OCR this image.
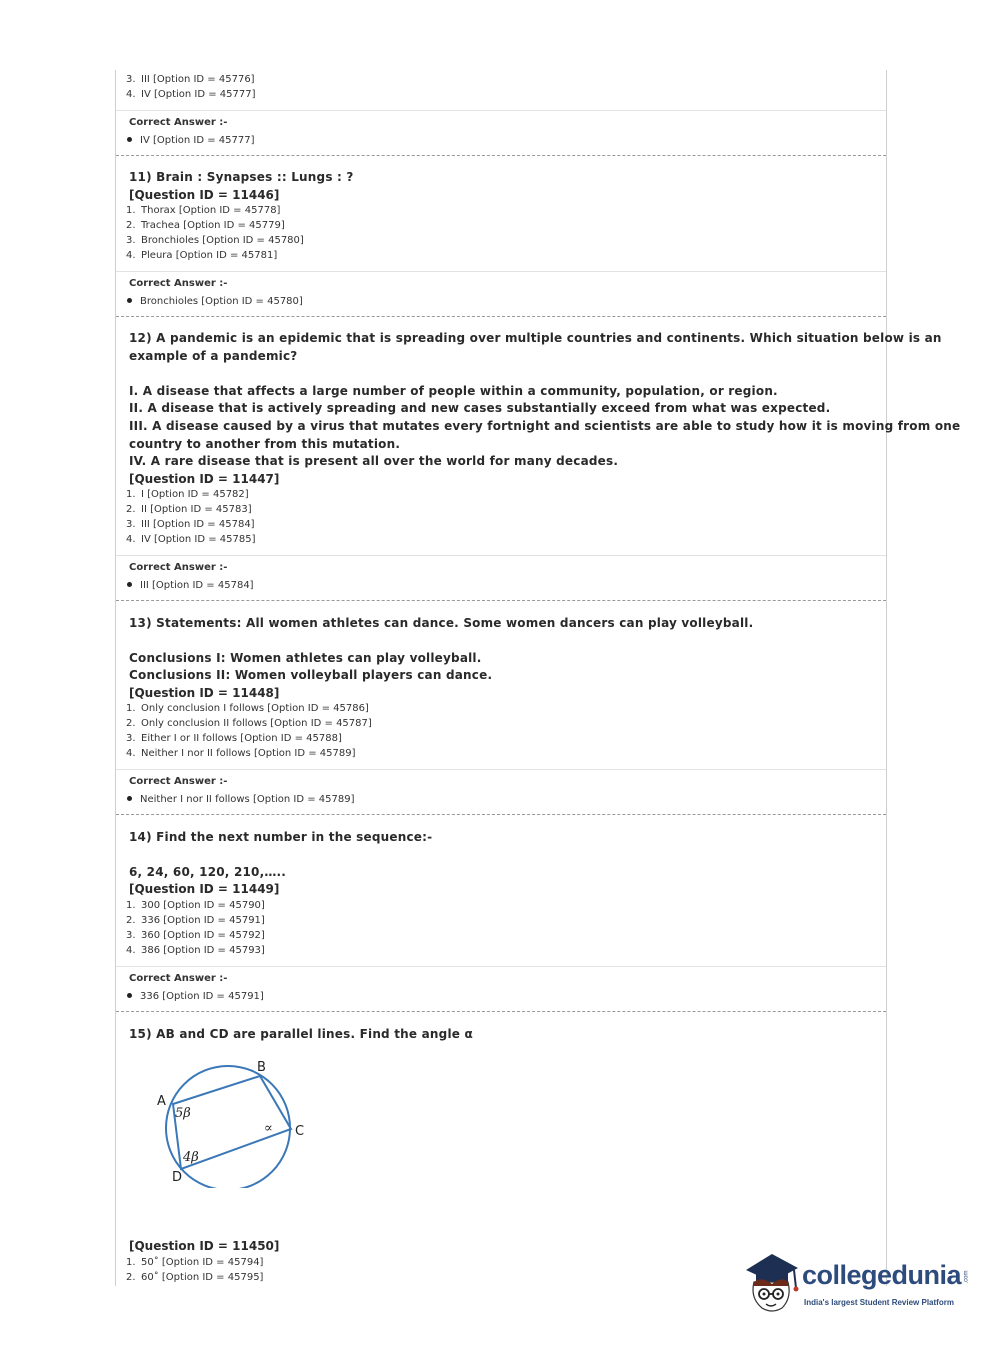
3. III [Option ID = 45776]
4. IV [Option ID = 45777]
Correct Answer :-
IV [Option ID = 45777]
11) Brain : Synapses :: Lungs : ?
[Question ID = 11446]
1. Thorax [Option ID = 45778]
2. Trachea [Option ID = 45779]
3. Bronchioles [Option ID = 45780]
4. Pleura [Option ID = 45781]
Correct Answer :-
Bronchioles [Option ID = 45780]
12) A pandemic is an epidemic that is spreading over multiple countries and continents. Which situation below is an
example of a pandemic?
I. A disease that affects a large number of people within a community, population, or region.
II. A disease that is actively spreading and new cases substantially exceed from what was expected.
III. A disease caused by a virus that mutates every fortnight and scientists are able to study how it is moving from one
country to another from this mutation.
IV. A rare disease that is present all over the world for many decades.
[Question ID = 11447]
1. I [Option ID = 45782]
2. II [Option ID = 45783]
3. III [Option ID = 45784]
4. IV [Option ID = 45785]
Correct Answer :-
III [Option ID = 45784]
13) Statements: All women athletes can dance. Some women dancers can play volleyball.
Conclusions I: Women athletes can play volleyball.
Conclusions II: Women volleyball players can dance.
[Question ID = 11448]
1. Only conclusion I follows [Option ID = 45786]
2. Only conclusion II follows [Option ID = 45787]
3. Either I or II follows [Option ID = 45788]
4. Neither I nor II follows [Option ID = 45789]
Correct Answer :-
Neither I nor II follows [Option ID = 45789]
14) Find the next number in the sequence:-
6, 24, 60, 120, 210,…..
[Question ID = 11449]
1. 300 [Option ID = 45790]
2. 336 [Option ID = 45791]
3. 360 [Option ID = 45792]
4. 386 [Option ID = 45793]
Correct Answer :-
336 [Option ID = 45791]
15) AB and CD are parallel lines. Find the angle α
A
B
C
D
5β
4β
∝
[Question ID = 11450]
1. 50˚ [Option ID = 45794]
2. 60˚ [Option ID = 45795]	collegedunia .com
India's largest Student Review Platform
